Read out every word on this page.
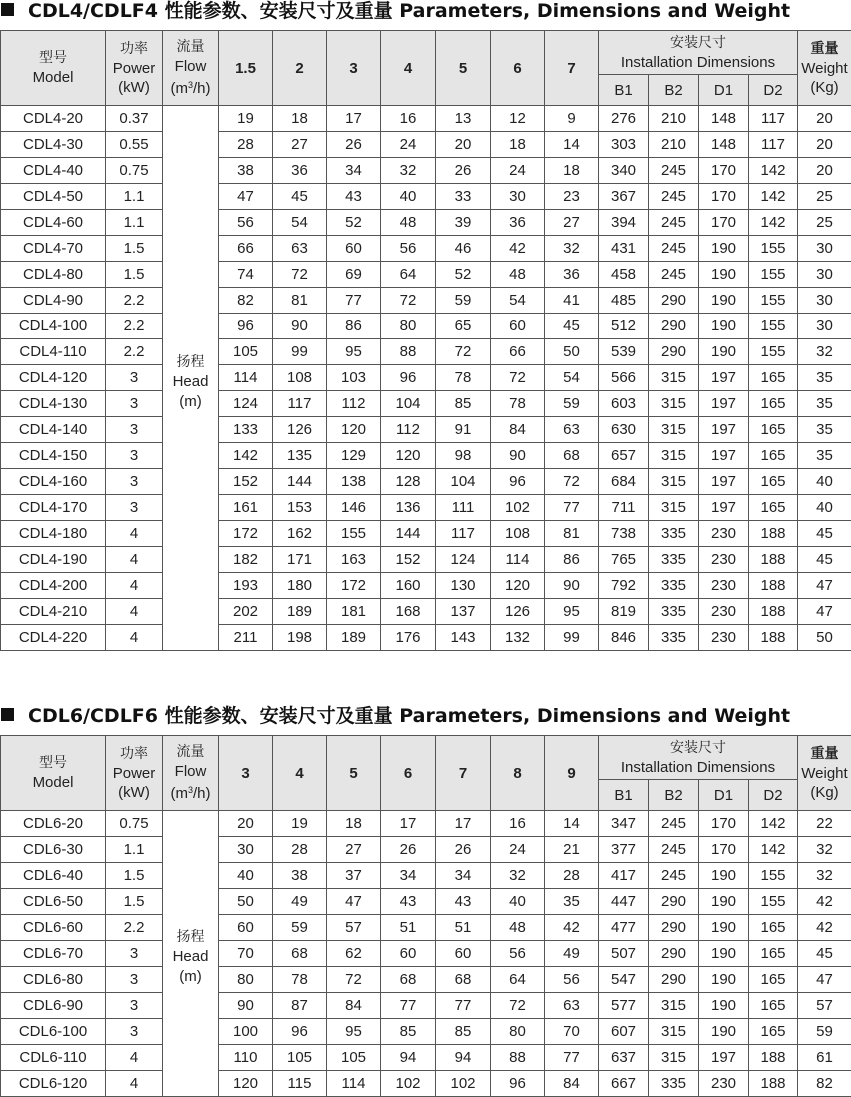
CDL4/CDLF4 性能参数、安装尺寸及重量 Parameters, Dimensions and Weight
型号
Model	功率
Power
(kW)	流量
Flow
$(m^3/h)$	1.5	2	3	4	5	6	7	安装尺寸
Installation Dimensions				重量
Weight
(Kg)

										B1	B2	D1	D2	
CDL4-20	0.37	扬程
Head
(m)	19	18	17	16	13	12	9	276	210	148	117	20
CDL4-30	0.55		28	27	26	24	20	18	14	303	210	148	117	20
CDL4-40	0.75		38	36	34	32	26	24	18	340	245	170	142	20
CDL4-50	1.1		47	45	43	40	33	30	23	367	245	170	142	25
CDL4-60	1.1		56	54	52	48	39	36	27	394	245	170	142	25
CDL4-70	1.5		66	63	60	56	46	42	32	431	245	190	155	30
CDL4-80	1.5		74	72	69	64	52	48	36	458	245	190	155	30
CDL4-90	2.2		82	81	77	72	59	54	41	485	290	190	155	30
CDL4-100	2.2		96	90	86	80	65	60	45	512	290	190	155	30
CDL4-110	2.2		105	99	95	88	72	66	50	539	290	190	155	32
CDL4-120	3		114	108	103	96	78	72	54	566	315	197	165	35
CDL4-130	3		124	117	112	104	85	78	59	603	315	197	165	35
CDL4-140	3		133	126	120	112	91	84	63	630	315	197	165	35
CDL4-150	3		142	135	129	120	98	90	68	657	315	197	165	35
CDL4-160	3		152	144	138	128	104	96	72	684	315	197	165	40
CDL4-170	3		161	153	146	136	111	102	77	711	315	197	165	40
CDL4-180	4		172	162	155	144	117	108	81	738	335	230	188	45
CDL4-190	4		182	171	163	152	124	114	86	765	335	230	188	45
CDL4-200	4		193	180	172	160	130	120	90	792	335	230	188	47
CDL4-210	4		202	189	181	168	137	126	95	819	335	230	188	47
CDL4-220	4		211	198	189	176	143	132	99	846	335	230	188	50
CDL6/CDLF6 性能参数、安装尺寸及重量 Parameters, Dimensions and Weight
型号
Model	功率
Power
(kW)	流量
Flow
$(m^3/h)$	3	4	5	6	7	8	9	安装尺寸
Installation Dimensions				重量
Weight
(Kg)

										B1	B2	D1	D2	
CDL6-20	0.75	扬程
Head
(m)	20	19	18	17	17	16	14	347	245	170	142	22
CDL6-30	1.1		30	28	27	26	26	24	21	377	245	170	142	32
CDL6-40	1.5		40	38	37	34	34	32	28	417	245	190	155	32
CDL6-50	1.5		50	49	47	43	43	40	35	447	290	190	155	42
CDL6-60	2.2		60	59	57	51	51	48	42	477	290	190	165	42
CDL6-70	3		70	68	62	60	60	56	49	507	290	190	165	45
CDL6-80	3		80	78	72	68	68	64	56	547	290	190	165	47
CDL6-90	3		90	87	84	77	77	72	63	577	315	190	165	57
CDL6-100	3		100	96	95	85	85	80	70	607	315	190	165	59
CDL6-110	4		110	105	105	94	94	88	77	637	315	197	188	61
CDL6-120	4		120	115	114	102	102	96	84	667	335	230	188	82
